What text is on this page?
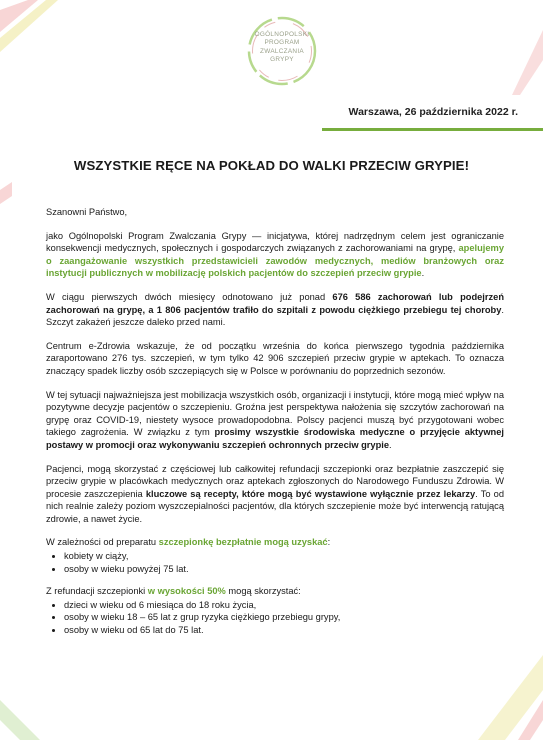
OGÓLNOPOLSKI
PROGRAM
ZWALCZANIA
GRYPY
Warszawa, 26 października 2022 r.
WSZYSTKIE RĘCE NA POKŁAD DO WALKI PRZECIW GRYPIE!

Szanowni Państwo,

jako Ogólnopolski Program Zwalczania Grypy — inicjatywa, której nadrzędnym celem jest ograniczanie konsekwencji medycznych, społecznych i gospodarczych związanych z zachorowaniami na grypę, apelujemy o zaangażowanie wszystkich przedstawicieli zawodów medycznych, mediów branżowych oraz instytucji publicznych w mobilizację polskich pacjentów do szczepień przeciw grypie.

W ciągu pierwszych dwóch miesięcy odnotowano już ponad 676 586 zachorowań lub podejrzeń zachorowań na grypę, a 1 806 pacjentów trafiło do szpitali z powodu ciężkiego przebiegu tej choroby. Szczyt zakażeń jeszcze daleko przed nami.

Centrum e-Zdrowia wskazuje, że od początku września do końca pierwszego tygodnia października zaraportowano 276 tys. szczepień, w tym tylko 42 906 szczepień przeciw grypie w aptekach. To oznacza znaczący spadek liczby osób szczepiących się w Polsce w porównaniu do poprzednich sezonów.

W tej sytuacji najważniejsza jest mobilizacja wszystkich osób, organizacji i instytucji, które mogą mieć wpływ na pozytywne decyzje pacjentów o szczepieniu. Groźna jest perspektywa nałożenia się szczytów zachorowań na grypę oraz COVID-19, niestety wysoce prowadopodobna. Polscy pacjenci muszą być przygotowani wobec takiego zagrożenia. W związku z tym prosimy wszystkie środowiska medyczne o przyjęcie aktywnej postawy w promocji oraz wykonywaniu szczepień ochronnych przeciw grypie.

Pacjenci, mogą skorzystać z częściowej lub całkowitej refundacji szczepionki oraz bezpłatnie zaszczepić się przeciw grypie w placówkach medycznych oraz aptekach zgłoszonych do Narodowego Funduszu Zdrowia. W procesie zaszczepienia kluczowe są recepty, które mogą być wystawione wyłącznie przez lekarzy. To od nich realnie zależy poziom wyszczepialności pacjentów, dla których szczepienie może być interwencją ratującą zdrowie, a nawet życie.

W zależności od preparatu szczepionkę bezpłatnie mogą uzyskać:

• kobiety w ciąży,
• osoby w wieku powyżej 75 lat.

Z refundacji szczepionki w wysokości 50% mogą skorzystać:

• dzieci w wieku od 6 miesiąca do 18 roku życia,
• osoby w wieku 18 – 65 lat z grup ryzyka ciężkiego przebiegu grypy,
• osoby w wieku od 65 lat do 75 lat.
